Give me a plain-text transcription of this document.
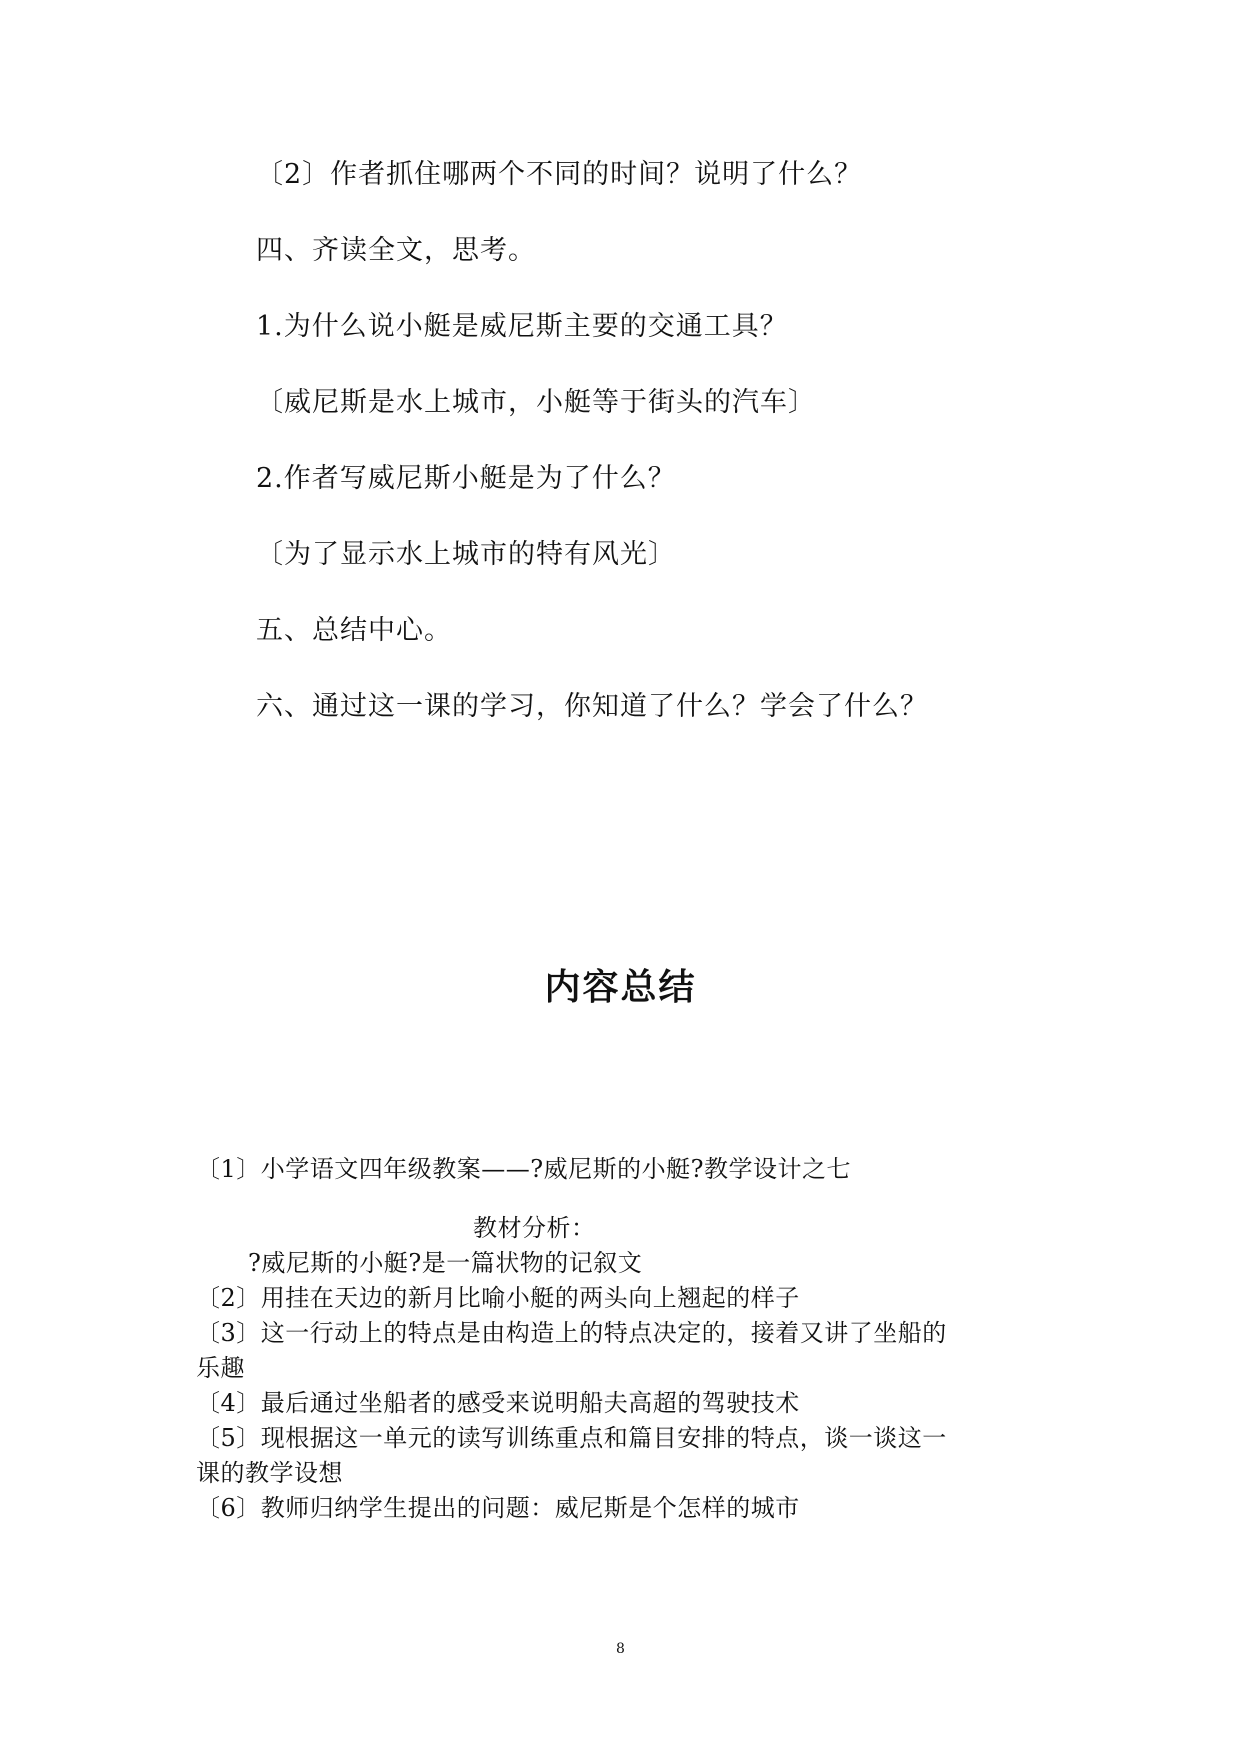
〔2〕作者抓住哪两个不同的时间？说明了什么？
四、齐读全文，思考。
1.为什么说小艇是威尼斯主要的交通工具？
〔威尼斯是水上城市，小艇等于街头的汽车〕
2.作者写威尼斯小艇是为了什么？
〔为了显示水上城市的特有风光〕
五、总结中心。
六、通过这一课的学习，你知道了什么？学会了什么？
内容总结
〔1〕小学语文四年级教案——?威尼斯的小艇?教学设计之七
教材分析：
?威尼斯的小艇?是一篇状物的记叙文
〔2〕用挂在天边的新月比喻小艇的两头向上翘起的样子
〔3〕这一行动上的特点是由构造上的特点决定的，接着又讲了坐船的
乐趣
〔4〕最后通过坐船者的感受来说明船夫高超的驾驶技术
〔5〕现根据这一单元的读写训练重点和篇目安排的特点，谈一谈这一
课的教学设想
〔6〕教师归纳学生提出的问题：威尼斯是个怎样的城市
8
